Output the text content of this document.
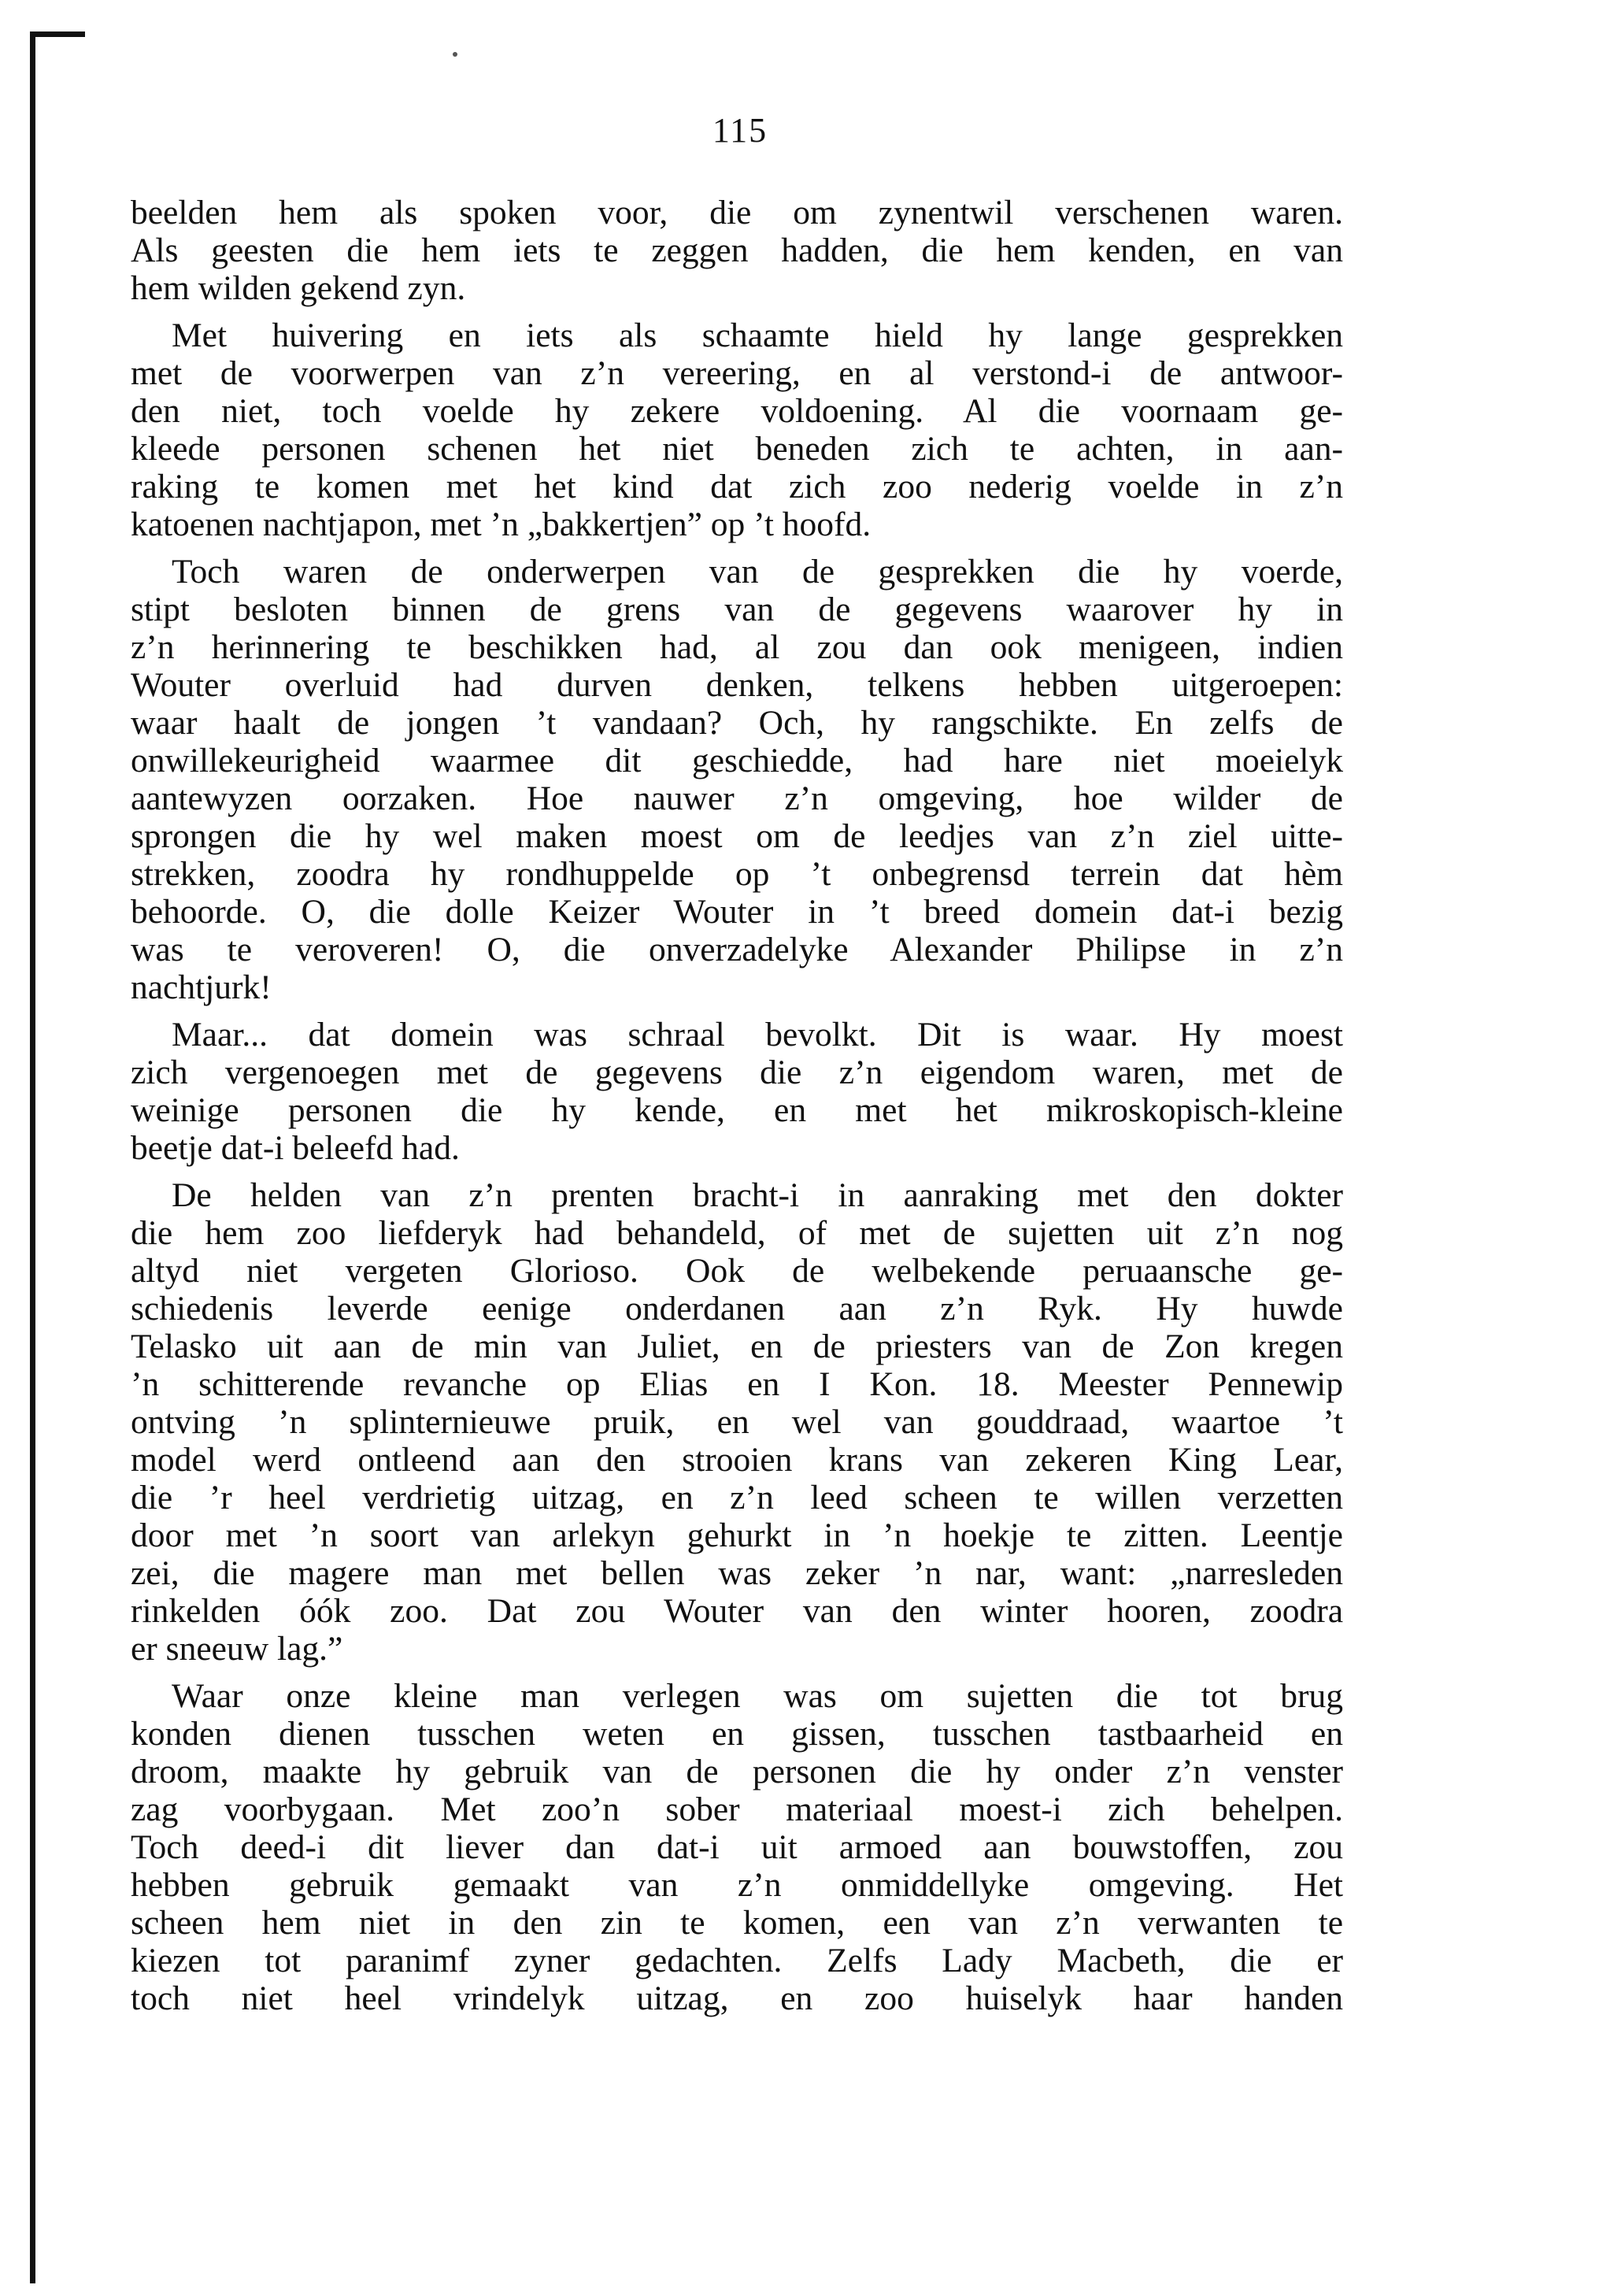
115
beelden hem als spoken voor, die om zynentwil verschenen waren.
Als geesten die hem iets te zeggen hadden, die hem kenden, en van
hem wilden gekend zyn.
Met huivering en iets als schaamte hield hy lange gesprekken
met de voorwerpen van z’n vereering, en al verstond-i de antwoor-
den niet, toch voelde hy zekere voldoening. Al die voornaam ge-
kleede personen schenen het niet beneden zich te achten, in aan-
raking te komen met het kind dat zich zoo nederig voelde in z’n
katoenen nachtjapon, met ’n „bakkertjen” op ’t hoofd.
Toch waren de onderwerpen van de gesprekken die hy voerde,
stipt besloten binnen de grens van de gegevens waarover hy in
z’n herinnering te beschikken had, al zou dan ook menigeen, indien
Wouter overluid had durven denken, telkens hebben uitgeroepen:
waar haalt de jongen ’t vandaan? Och, hy rangschikte. En zelfs de
onwillekeurigheid waarmee dit geschiedde, had hare niet moeielyk
aantewyzen oorzaken. Hoe nauwer z’n omgeving, hoe wilder de
sprongen die hy wel maken moest om de leedjes van z’n ziel uitte-
strekken, zoodra hy rondhuppelde op ’t onbegrensd terrein dat hèm
behoorde. O, die dolle Keizer Wouter in ’t breed domein dat-i bezig
was te veroveren! O, die onverzadelyke Alexander Philipse in z’n
nachtjurk!
Maar... dat domein was schraal bevolkt. Dit is waar. Hy moest
zich vergenoegen met de gegevens die z’n eigendom waren, met de
weinige personen die hy kende, en met het mikroskopisch-kleine
beetje dat-i beleefd had.
De helden van z’n prenten bracht-i in aanraking met den dokter
die hem zoo liefderyk had behandeld, of met de sujetten uit z’n nog
altyd niet vergeten Glorioso. Ook de welbekende peruaansche ge-
schiedenis leverde eenige onderdanen aan z’n Ryk. Hy huwde
Telasko uit aan de min van Juliet, en de priesters van de Zon kregen
’n schitterende revanche op Elias en I Kon. 18. Meester Pennewip
ontving ’n splinternieuwe pruik, en wel van gouddraad, waartoe ’t
model werd ontleend aan den strooien krans van zekeren King Lear,
die ’r heel verdrietig uitzag, en z’n leed scheen te willen verzetten
door met ’n soort van arlekyn gehurkt in ’n hoekje te zitten. Leentje
zei, die magere man met bellen was zeker ’n nar, want: „narresleden
rinkelden óók zoo. Dat zou Wouter van den winter hooren, zoodra
er sneeuw lag.”
Waar onze kleine man verlegen was om sujetten die tot brug
konden dienen tusschen weten en gissen, tusschen tastbaarheid en
droom, maakte hy gebruik van de personen die hy onder z’n venster
zag voorbygaan. Met zoo’n sober materiaal moest-i zich behelpen.
Toch deed-i dit liever dan dat-i uit armoed aan bouwstoffen, zou
hebben gebruik gemaakt van z’n onmiddellyke omgeving. Het
scheen hem niet in den zin te komen, een van z’n verwanten te
kiezen tot paranimf zyner gedachten. Zelfs Lady Macbeth, die er
toch niet heel vrindelyk uitzag, en zoo huiselyk haar handen
